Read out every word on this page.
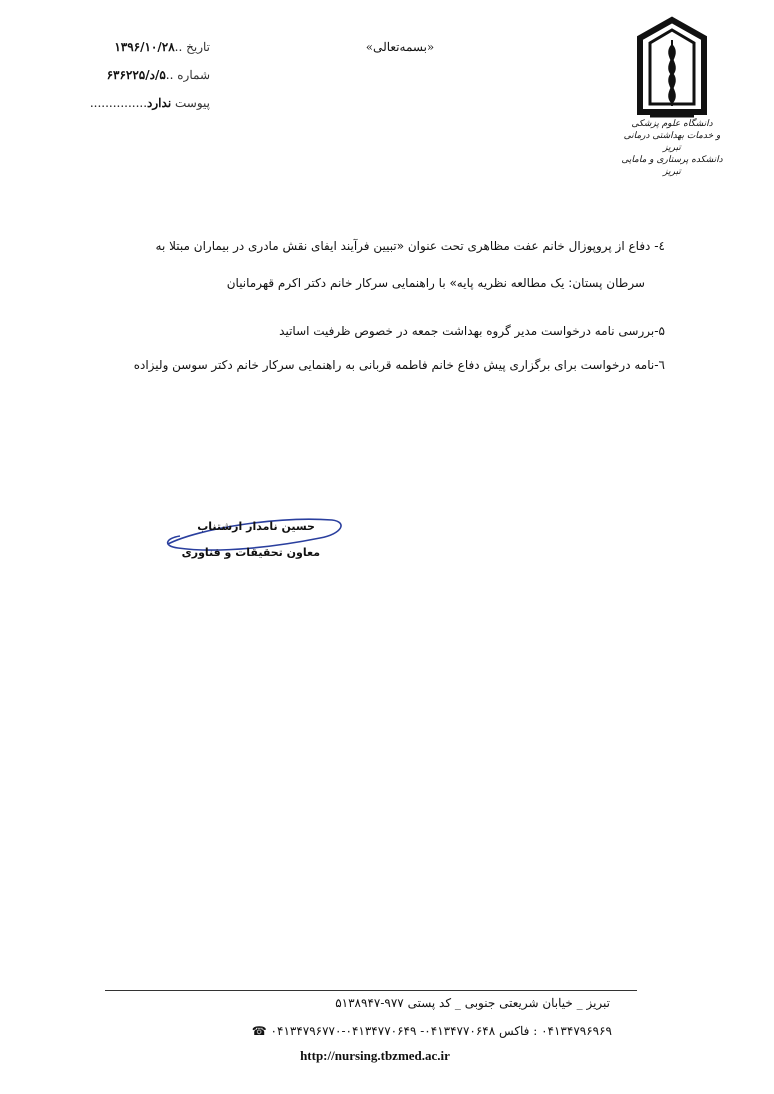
«بسمه‌تعالی»
تاریخ ..۱۳۹۶/۱۰/۲۸
شماره ..۵/د/۶۳۶۲۲۵
پیوست ندارد...............
دانشگاه علوم پزشکی
و خدمات بهداشتی درمانی تبریز
دانشکده پرستاری و مامایی تبریز
٤- دفاع از پروپوزال خانم عفت مظاهری تحت عنوان «تبیین فرآیند ایفای نقش مادری در بیماران مبتلا به
سرطان پستان: یک مطالعه نظریه پایه» با راهنمایی سرکار خانم دکتر اکرم قهرمانیان
۵-بررسی نامه درخواست مدیر گروه بهداشت جمعه در خصوص ظرفیت اساتید
٦-نامه درخواست برای برگزاری پیش دفاع خانم فاطمه قربانی به راهنمایی سرکار خانم دکتر سوسن ولیزاده
حسین نامدار ارشتناب
معاون تحقیقات و فناوری
تبریز _ خیابان شریعتی جنوبی _ کد پستی ۹۷۷-۵۱۳۸۹۴۷
۰۴۱۳۴۷۹۶۹۶۹ : فاکس ۰۴۱۳۴۷۷۰۶۴۸- ۰۴۱۳۴۷۷۰۶۴۹-۰۴۱۳۴۷۹۶۷۷۰ ☎
http://nursing.tbzmed.ac.ir
